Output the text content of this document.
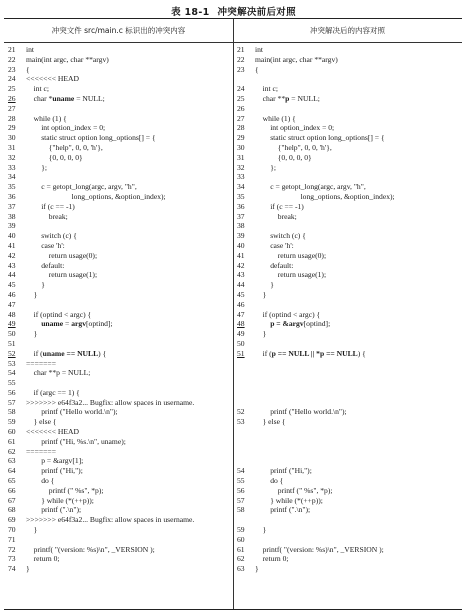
表 18-1 冲突解决前后对照
冲突文件 src/main.c 标识出的冲突内容	冲突解决后的内容对照
21 int
22 main(int argc, char **argv)
23 {
24 <<<<<<< HEAD
25    int c;
26    char *uname = NULL;
27
28    while (1) {
29        int option_index = 0;
30        static struct option long_options[] = {
31            {"help", 0, 0, 'h'},
32            {0, 0, 0, 0}
33        };
34
35        c = getopt_long(argc, argv, "h",
36                        long_options, &option_index);
37        if (c == -1)
38            break;
39
40        switch (c) {
41        case 'h':
42            return usage(0);
43        default:
44            return usage(1);
45        }
46    }
47
48    if (optind < argc) {
49	uname = argv[optind];
50    }
51
52    if (uname == NULL) {
53 =======
54    char **p = NULL;
55
56    if (argc == 1) {
57 >>>>>>> e64f3a2... Bugfix: allow spaces in username.
58        printf ("Hello world.\n");
59    } else {
60 <<<<<<< HEAD
61        printf ("Hi, %s.\n", uname);
62 =======
63        p = &argv[1];
64        printf ("Hi,");
65        do {
66            printf (" %s", *p);
67        } while (*(++p));
68        printf (".\n");
69 >>>>>>> e64f3a2... Bugfix: allow spaces in username.
70    }
71
72    printf( "(version: %s)\n", _VERSION );
73    return 0;
74 }
21 int
22 main(int argc, char **argv)
23 {
24    int c;
25    char **p = NULL;
26
27    while (1) {
28        int option_index = 0;
29        static struct option long_options[] = {
30            {"help", 0, 0, 'h'},
31            {0, 0, 0, 0}
32        };
33
34        c = getopt_long(argc, argv, "h",
35                        long_options, &option_index);
36        if (c == -1)
37            break;
38
39        switch (c) {
40        case 'h':
41            return usage(0);
42        default:
43            return usage(1);
44        }
45    }
46
47    if (optind < argc) {
48	p = &argv[optind];
49    }
50
51    if (p == NULL || *p == NULL) {
52        printf ("Hello world.\n");
53    } else {
54        printf ("Hi,");
55        do {
56            printf (" %s", *p);
57        } while (*(++p));
58        printf (".\n");
59    }
60
61    printf( "(version: %s)\n", _VERSION );
62    return 0;
63 }
